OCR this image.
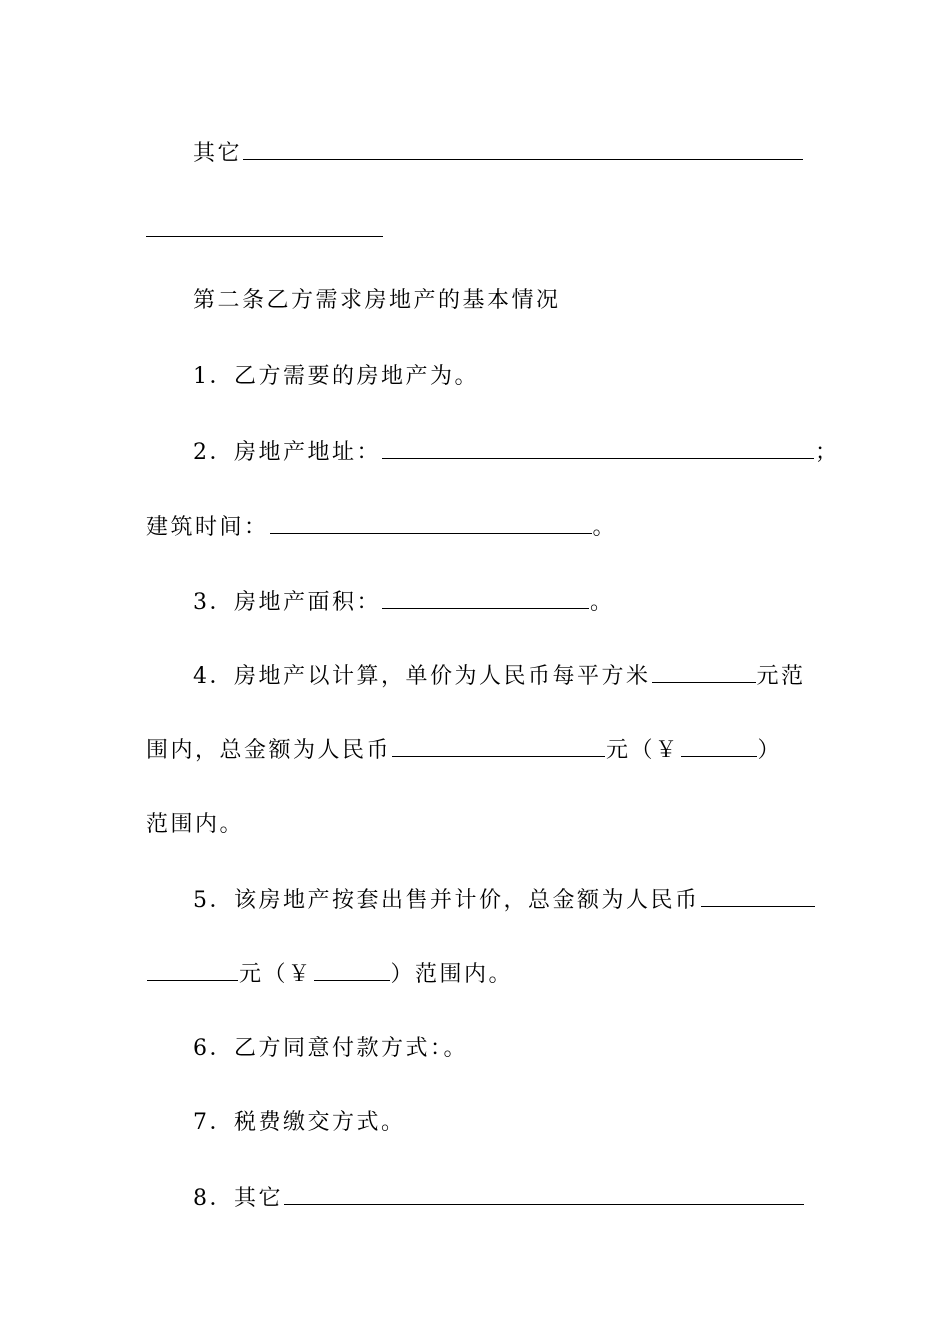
其它
第二条乙方需求房地产的基本情况
1．乙方需要的房地产为。
2．房地产地址：	；
建筑时间：	。
3．房地产面积：	。
4．房地产以计算，单价为人民币每平方米	元范
围内，总金额为人民币	元（￥	）
范围内。
5．该房地产按套出售并计价，总金额为人民币
元（￥	）范围内。
6．乙方同意付款方式：。
7．税费缴交方式。
8．其它
